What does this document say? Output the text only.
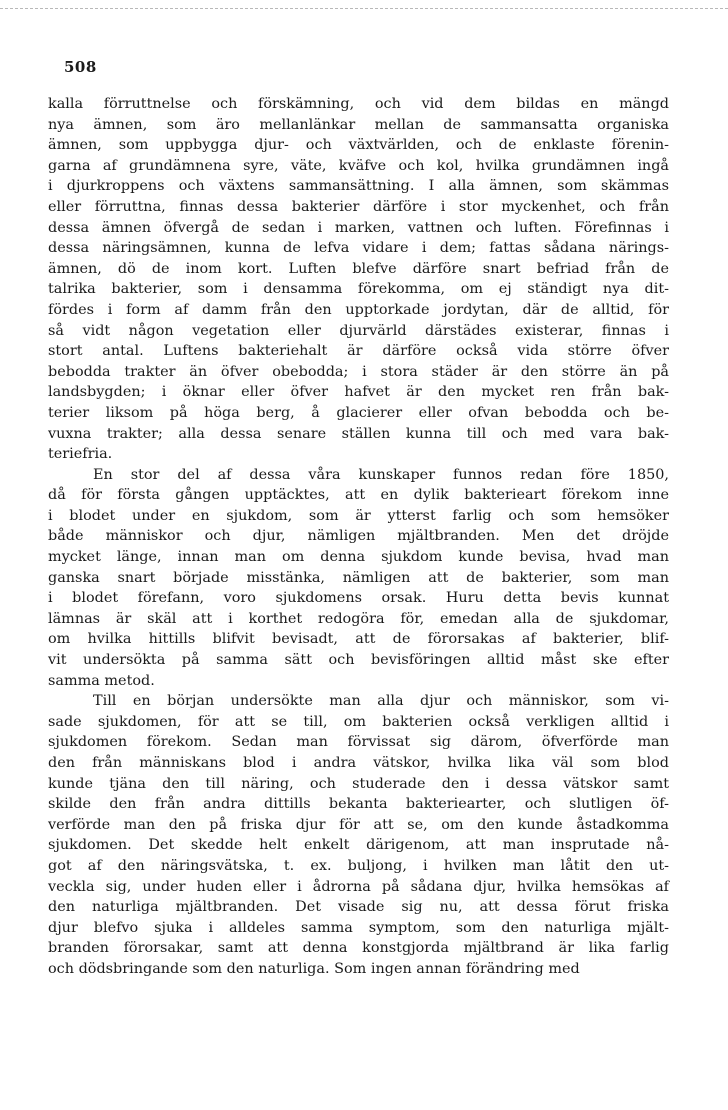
508
kalla förruttnelse och förskämning, och vid dem bildas en mängd
nya ämnen, som äro mellanlänkar mellan de sammansatta organiska
ämnen, som uppbygga djur- och växtvärlden, och de enklaste förenin-
garna af grundämnena syre, väte, kväfve och kol, hvilka grundämnen ingå
i djurkroppens och växtens sammansättning. I alla ämnen, som skämmas
eller förruttna, finnas dessa bakterier därföre i stor myckenhet, och från
dessa ämnen öfvergå de sedan i marken, vattnen och luften. Förefinnas i
dessa näringsämnen, kunna de lefva vidare i dem; fattas sådana närings-
ämnen, dö de inom kort. Luften blefve därföre snart befriad från de
talrika bakterier, som i densamma förekomma, om ej ständigt nya dit-
fördes i form af damm från den upptorkade jordytan, där de alltid, för
så vidt någon vegetation eller djurvärld därstädes existerar, finnas i
stort antal. Luftens bakteriehalt är därföre också vida större öfver
bebodda trakter än öfver obebodda; i stora städer är den större än på
landsbygden; i öknar eller öfver hafvet är den mycket ren från bak-
terier liksom på höga berg, å glacierer eller ofvan bebodda och be-
vuxna trakter; alla dessa senare ställen kunna till och med vara bak-
teriefria.
En stor del af dessa våra kunskaper funnos redan före 1850,
då för första gången upptäcktes, att en dylik bakterieart förekom inne
i blodet under en sjukdom, som är ytterst farlig och som hemsöker
både människor och djur, nämligen mjältbranden. Men det dröjde
mycket länge, innan man om denna sjukdom kunde bevisa, hvad man
ganska snart började misstänka, nämligen att de bakterier, som man
i blodet förefann, voro sjukdomens orsak. Huru detta bevis kunnat
lämnas är skäl att i korthet redogöra för, emedan alla de sjukdomar,
om hvilka hittills blifvit bevisadt, att de förorsakas af bakterier, blif-
vit undersökta på samma sätt och bevisföringen alltid måst ske efter
samma metod.
Till en början undersökte man alla djur och människor, som vi-
sade sjukdomen, för att se till, om bakterien också verkligen alltid i
sjukdomen förekom. Sedan man förvissat sig därom, öfverförde man
den från människans blod i andra vätskor, hvilka lika väl som blod
kunde tjäna den till näring, och studerade den i dessa vätskor samt
skilde den från andra dittills bekanta bakteriearter, och slutligen öf-
verförde man den på friska djur för att se, om den kunde åstadkomma
sjukdomen. Det skedde helt enkelt därigenom, att man insprutade nå-
got af den näringsvätska, t. ex. buljong, i hvilken man låtit den ut-
veckla sig, under huden eller i ådrorna på sådana djur, hvilka hemsökas af
den naturliga mjältbranden. Det visade sig nu, att dessa förut friska
djur blefvo sjuka i alldeles samma symptom, som den naturliga mjält-
branden förorsakar, samt att denna konstgjorda mjältbrand är lika farlig
och dödsbringande som den naturliga. Som ingen annan förändring med
